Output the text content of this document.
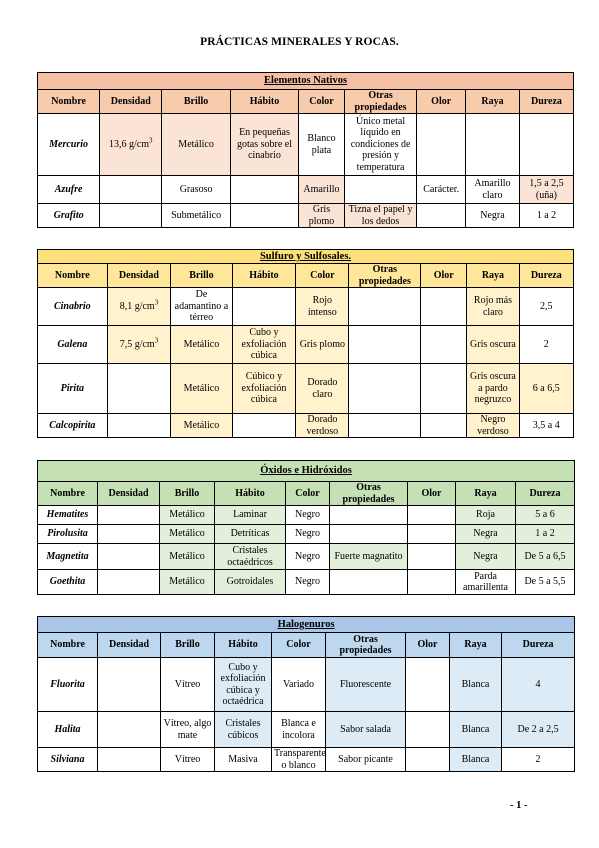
PRÁCTICAS MINERALES Y ROCAS.
Elementos Nativos								
Nombre	Densidad	Brillo	Hábito	Color	Otras propiedades	Olor	Raya	Dureza
Mercurio	13,6 $g/cm^3$	Metálico	En pequeñas gotas sobre el cinabrio	Blanco plata	Único metal líquido en condiciones de presión y temperatura			
Azufre		Grasoso		Amarillo		Carácter.	Amarillo claro	1,5 a 2,5 (uña)
Grafito		Submetálico		Gris plomo	Tizna el papel y los dedos		Negra	1 a 2
Sulfuro y Sulfosales.								
Nombre	Densidad	Brillo	Hábito	Color	Otras propiedades	Olor	Raya	Dureza
Cinabrio	8,1 $g/cm^3$	De adamantino a térreo		Rojo intenso			Rojo más claro	2,5
Galena	7,5 $g/cm^3$	Metálico	Cubo y exfoliación cúbica	Gris plomo			Gris oscura	2
Pirita		Metálico	Cúbico y exfoliación cúbica	Dorado claro			Gris oscura a pardo negruzco	6 a 6,5
Calcopirita		Metálico		Dorado verdoso			Negro verdoso	3,5 a 4
Óxidos e Hidróxidos								
Nombre	Densidad	Brillo	Hábito	Color	Otras propiedades	Olor	Raya	Dureza
Hematites		Metálico	Laminar	Negro			Roja	5 a 6
Pirolusita		Metálico	Detríticas	Negro			Negra	1 a 2
Magnetita		Metálico	Cristales octaédricos	Negro	Fuerte magnatito		Negra	De 5 a 6,5
Goethita		Metálico	Gotroidales	Negro			Parda amarillenta	De 5 a 5,5
Halogenuros								
Nombre	Densidad	Brillo	Hábito	Color	Otras propiedades	Olor	Raya	Dureza
Fluorita		Vítreo	Cubo y exfoliación cúbica y octaédrica	Variado	Fluorescente		Blanca	4
Halita		Vítreo, algo mate	Cristales cúbicos	Blanca e incolora	Sabor salada		Blanca	De 2 a 2,5
Silviana		Vítreo	Masiva	Transparente o blanco	Sabor picante		Blanca	2
- 1 -
